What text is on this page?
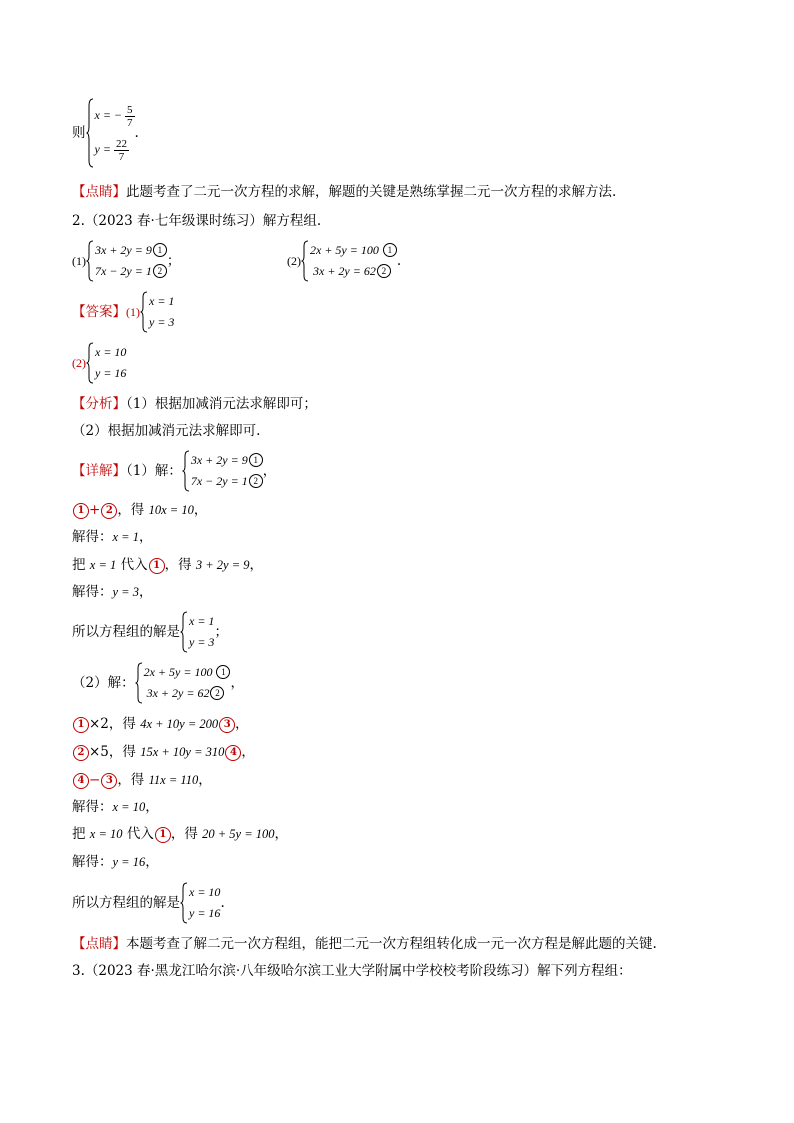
则
x = − $\frac{5}{7}$
$y = \frac{22}{7}$
.
【点睛】此题考查了二元一次方程的求解，解题的关键是熟练掌握二元一次方程的求解方法.
2.（2023 春·七年级课时练习）解方程组.
(1)
3x + 2y = 9 1
7x − 2y = 1 2
；	(2)
2x + 5y = 100 1
3x + 2y = 62 2
.
【答案】(1)
x = 1
y = 3
(2)
x = 10
y = 16
【分析】（1）根据加减消元法求解即可；
（2）根据加减消元法求解即可.
【详解】（1）解：
3x + 2y = 9 1
7x − 2y = 1 2
，
1 + 2 ，得 10x = 10，
解得：x = 1，
把 x = 1 代入 1 ，得 3 + 2y = 9，
解得：y = 3，
所以方程组的解是
x = 1
y = 3
；
（2）解：
2x + 5y = 100 1
3x + 2y = 62 2
，
1 ×2，得 4x + 10y = 200 3 ，
2 ×5，得 15x + 10y = 310 4 ，
4 − 3 ，得 11x = 110，
解得：x = 10，
把 x = 10 代入 1 ，得 20 + 5y = 100，
解得：y = 16，
所以方程组的解是
x = 10
y = 16
.
【点睛】本题考查了解二元一次方程组，能把二元一次方程组转化成一元一次方程是解此题的关键.
3.（2023 春·黑龙江哈尔滨·八年级哈尔滨工业大学附属中学校校考阶段练习）解下列方程组：
